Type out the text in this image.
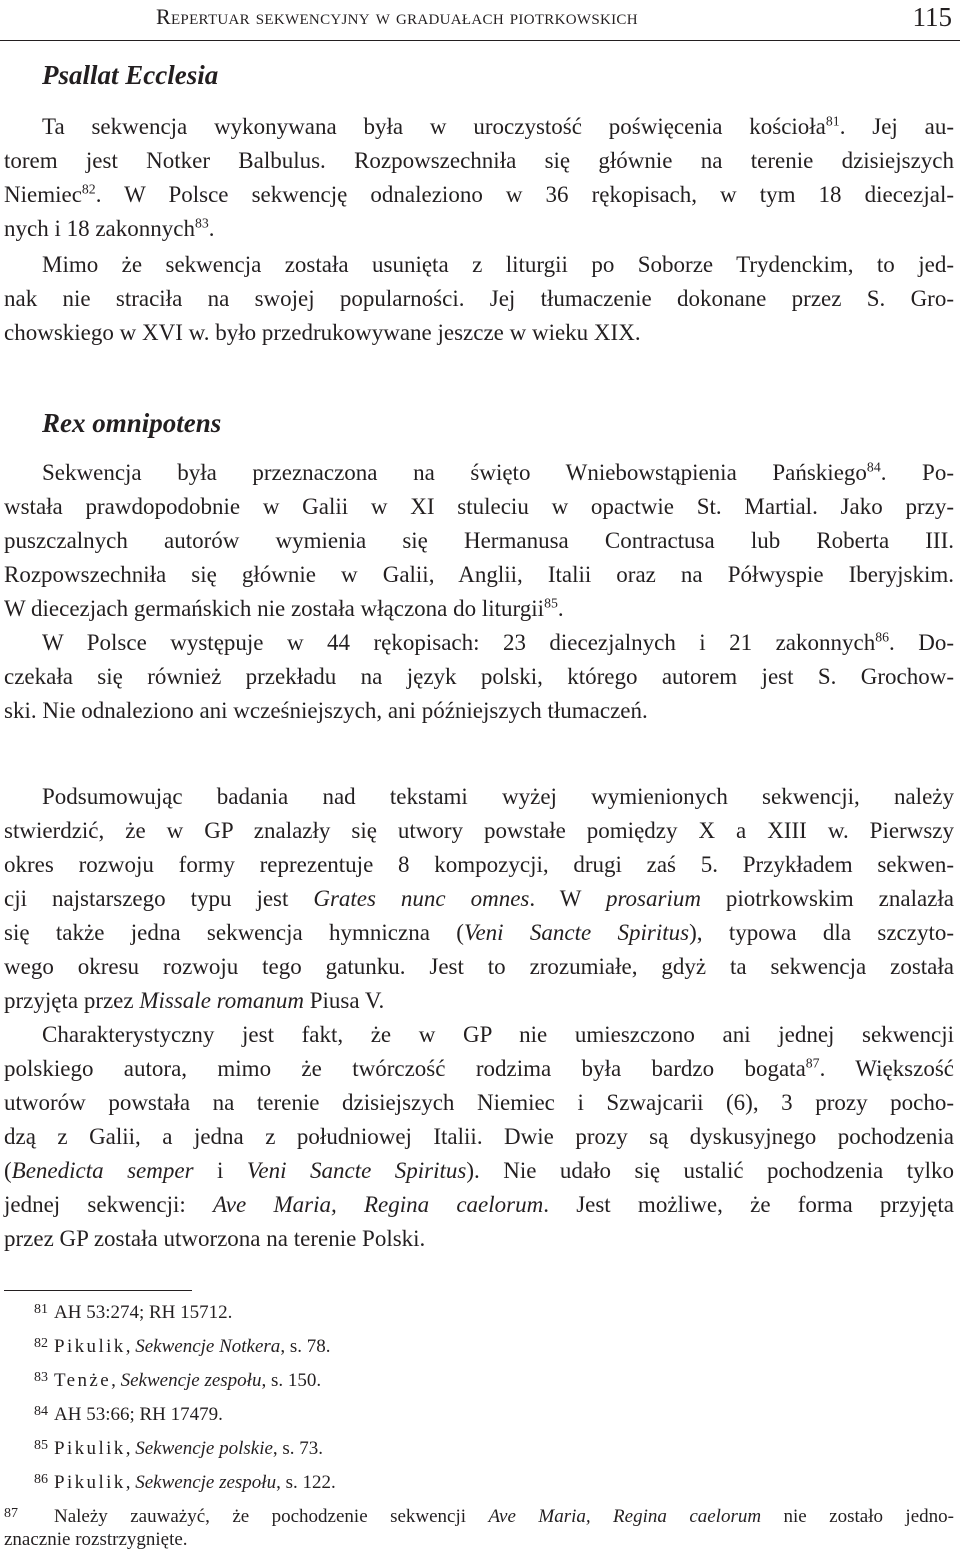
Repertuar sekwencyjny w graduałach piotrkowskich	115
Psallat Ecclesia
Ta sekwencja wykonywana była w uroczystość poświęcenia kościoła$^{81}$. Jej au-
torem jest Notker Balbulus. Rozpowszechniła się głównie na terenie dzisiejszych
Niemiec$^{82}$. W Polsce sekwencję odnaleziono w 36 rękopisach, w tym 18 diecezjal-
nych i 18 zakonnych$^{83}$.
Mimo że sekwencja została usunięta z liturgii po Soborze Trydenckim, to jed-
nak nie straciła na swojej popularności. Jej tłumaczenie dokonane przez S. Gro-
chowskiego w XVI w. było przedrukowywane jeszcze w wieku XIX.
Rex omnipotens
Sekwencja była przeznaczona na święto Wniebowstąpienia Pańskiego$^{84}$. Po-
wstała prawdopodobnie w Galii w XI stuleciu w opactwie St. Martial. Jako przy-
puszczalnych autorów wymienia się Hermanusa Contractusa lub Roberta III.
Rozpowszechniła się głównie w Galii, Anglii, Italii oraz na Półwyspie Iberyjskim.
W diecezjach germańskich nie została włączona do liturgii$^{85}$.
W Polsce występuje w 44 rękopisach: 23 diecezjalnych i 21 zakonnych$^{86}$. Do-
czekała się również przekładu na język polski, którego autorem jest S. Grochow-
ski. Nie odnaleziono ani wcześniejszych, ani późniejszych tłumaczeń.
Podsumowując badania nad tekstami wyżej wymienionych sekwencji, należy
stwierdzić, że w GP znalazły się utwory powstałe pomiędzy X a XIII w. Pierwszy
okres rozwoju formy reprezentuje 8 kompozycji, drugi zaś 5. Przykładem sekwen-
cji najstarszego typu jest Grates nunc omnes. W prosarium piotrkowskim znalazła
się także jedna sekwencja hymniczna (Veni Sancte Spiritus), typowa dla szczyto-
wego okresu rozwoju tego gatunku. Jest to zrozumiałe, gdyż ta sekwencja została
przyjęta przez Missale romanum Piusa V.
Charakterystyczny jest fakt, że w GP nie umieszczono ani jednej sekwencji
polskiego autora, mimo że twórczość rodzima była bardzo bogata$^{87}$. Większość
utworów powstała na terenie dzisiejszych Niemiec i Szwajcarii (6), 3 prozy pocho-
dzą z Galii, a jedna z południowej Italii. Dwie prozy są dyskusyjnego pochodzenia
(Benedicta semper i Veni Sancte Spiritus). Nie udało się ustalić pochodzenia tylko
jednej sekwencji: Ave Maria, Regina caelorum. Jest możliwe, że forma przyjęta
przez GP została utworzona na terenie Polski.
81 AH 53:274; RH 15712.
82 Pikulik, Sekwencje Notkera, s. 78.
83 Tenże, Sekwencje zespołu, s. 150.
84 AH 53:66; RH 17479.
85 Pikulik, Sekwencje polskie, s. 73.
86 Pikulik, Sekwencje zespołu, s. 122.
87 Należy zauważyć, że pochodzenie sekwencji Ave Maria, Regina caelorum nie zostało jedno-
znacznie rozstrzygnięte.
